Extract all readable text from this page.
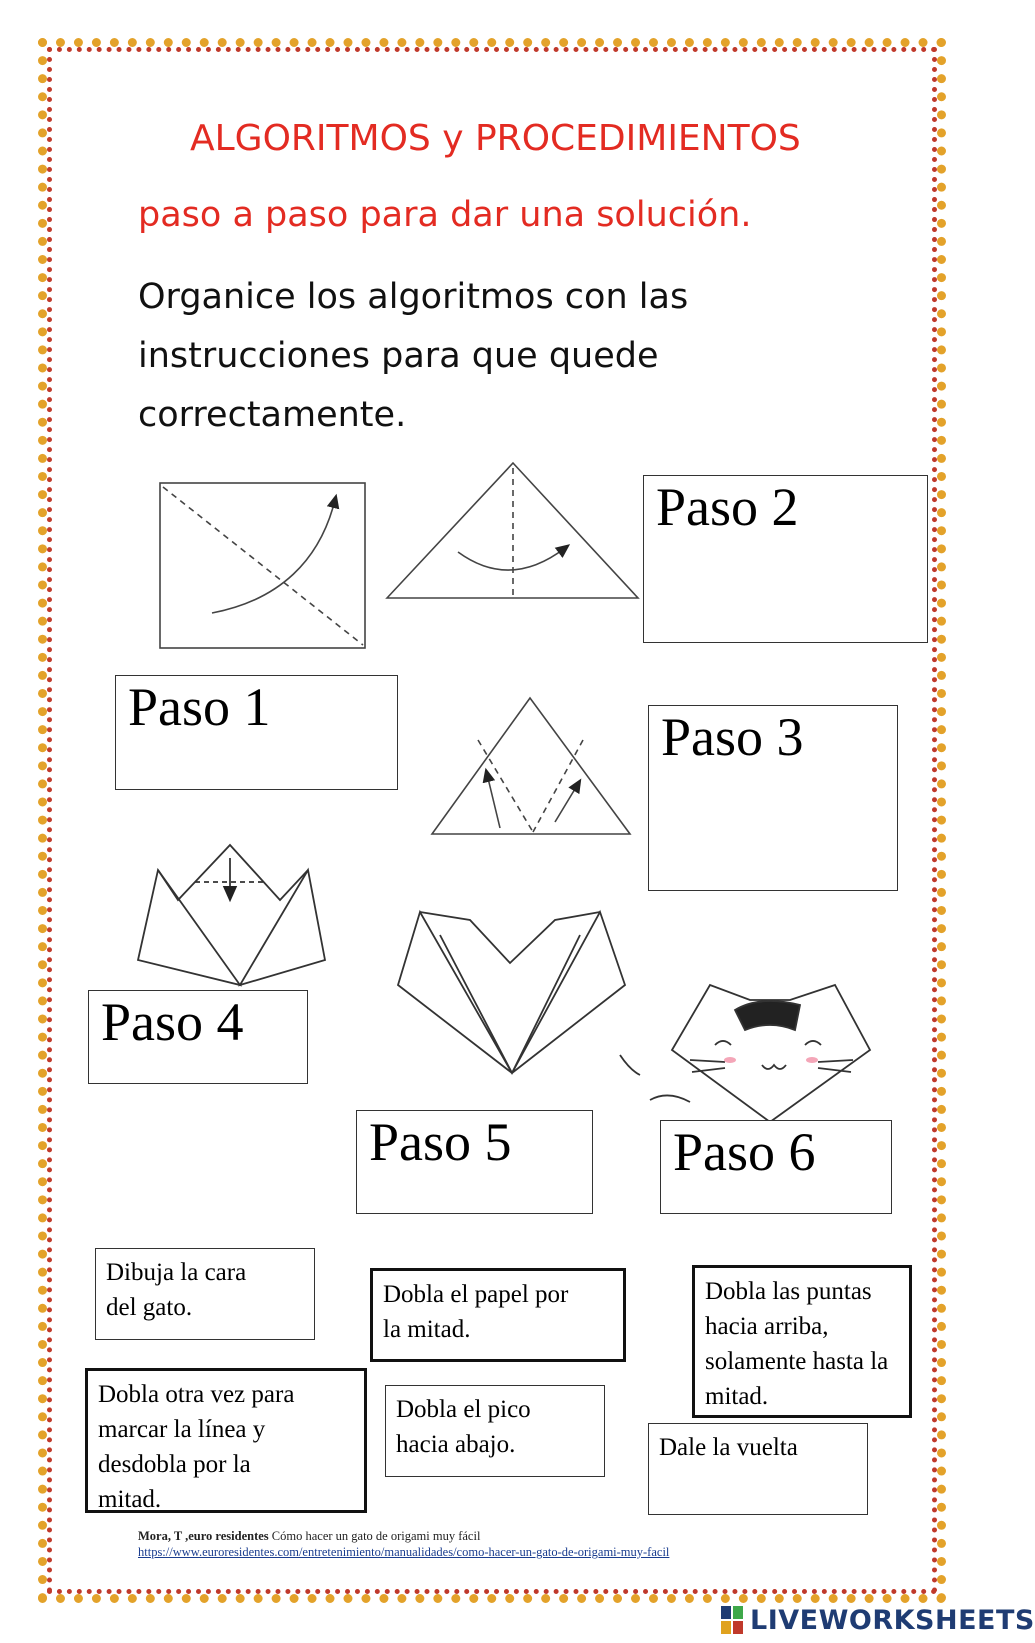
ALGORITMOS y PROCEDIMIENTOS
paso a paso para dar una solución.
Organice los algoritmos con las
instrucciones para que quede
correctamente.
Paso 1
Paso 2
Paso 3
Paso 4
Paso 5	Paso 6
Dibuja la cara
del gato.	Dobla el papel por
la mitad.
Dobla las puntas
hacia arriba,
solamente hasta la
mitad.
Dobla otra vez para
marcar la línea y
desdobla por la
mitad.
Dobla el pico
hacia abajo.	Dale la vuelta
Mora, T ,euro residentes Cómo hacer un gato de origami muy fácil
https://www.euroresidentes.com/entretenimiento/manualidades/como-hacer-un-gato-de-origami-muy-facil
LIVEWORKSHEETS
